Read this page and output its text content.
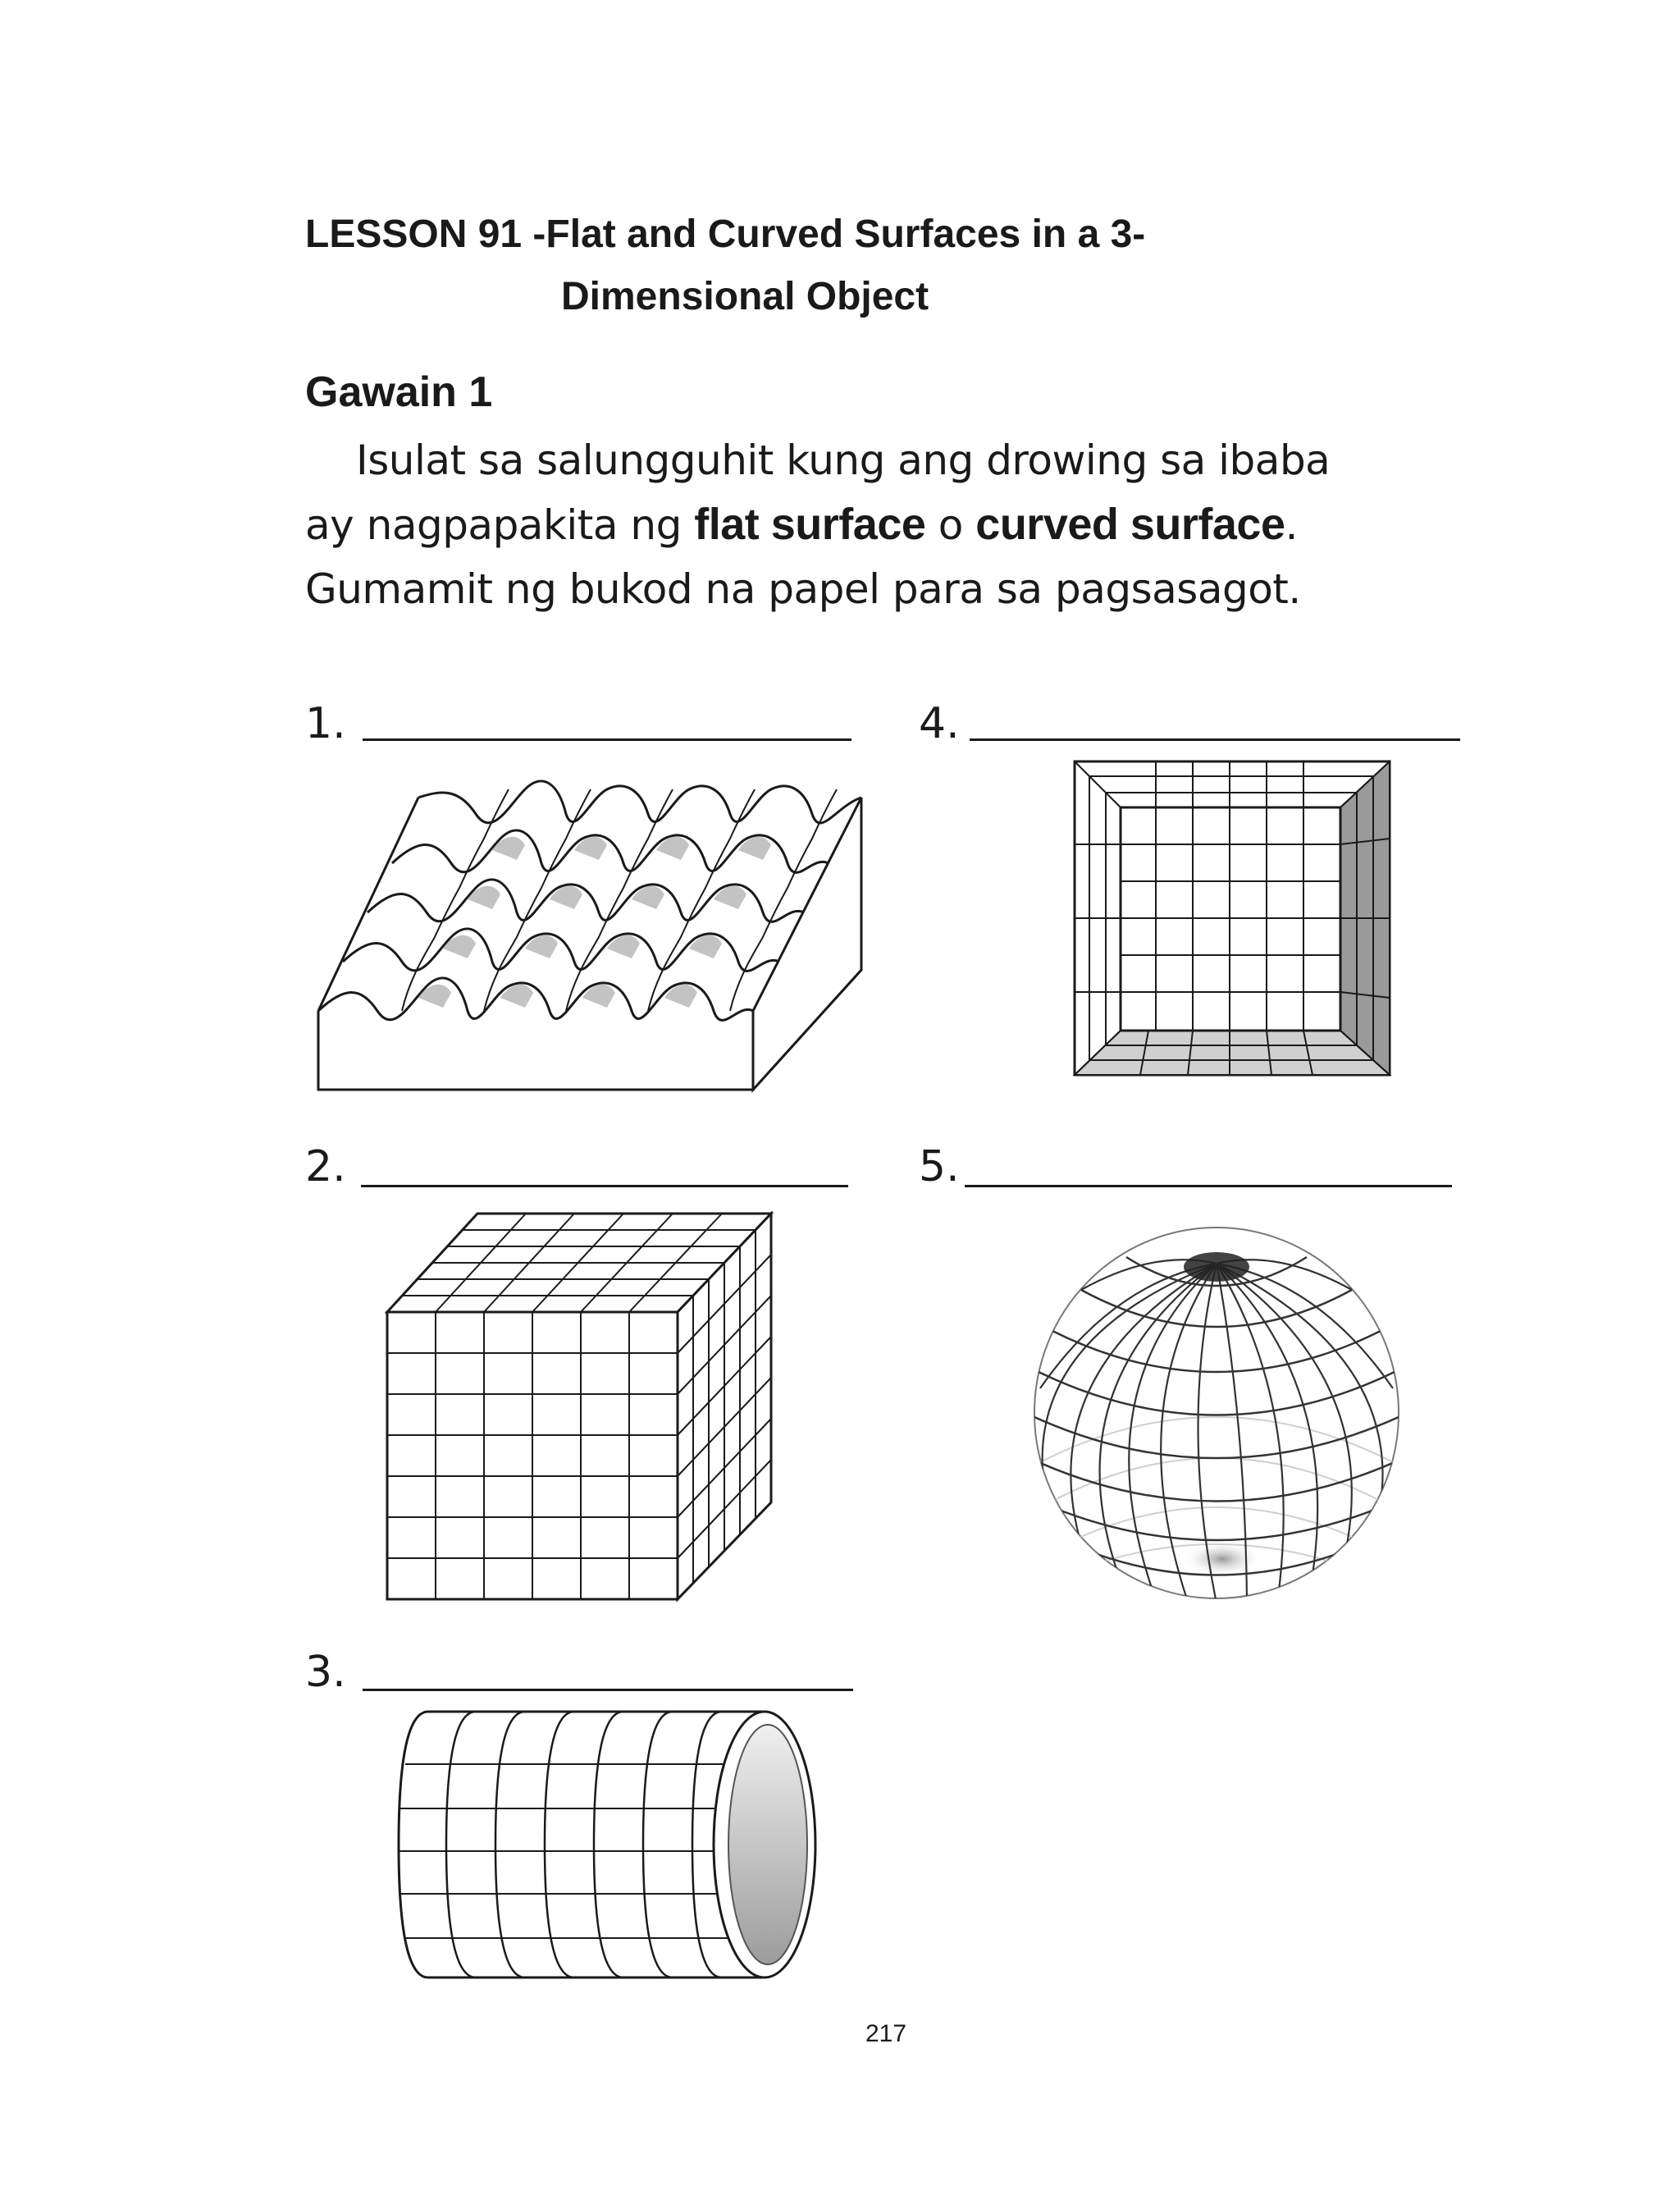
LESSON 91 -Flat and Curved Surfaces in a 3-
Dimensional Object
Gawain 1
Isulat sa salungguhit kung ang drowing sa ibaba
ay nagpapakita ng flat surface o curved surface.
Gumamit ng bukod na papel para sa pagsasagot.
1.	4.
2.	5.
3.
217
